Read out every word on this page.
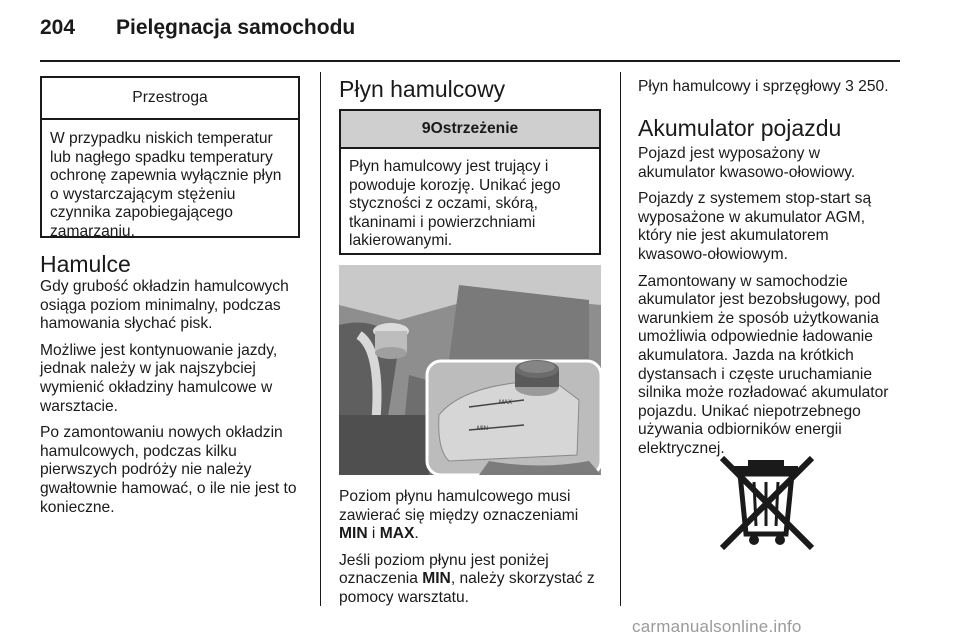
204 Pielęgnacja samochodu
Przestroga
W przypadku niskich temperatur
lub nagłego spadku temperatury
ochronę zapewnia wyłącznie płyn
o wystarczającym stężeniu
czynnika zapobiegającego
zamarzaniu.
Hamulce

Gdy grubość okładzin hamulcowych
osiąga poziom minimalny, podczas
hamowania słychać pisk.

Możliwe jest kontynuowanie jazdy,
jednak należy w jak najszybciej
wymienić okładziny hamulcowe w
warsztacie.

Po zamontowaniu nowych okładzin
hamulcowych, podczas kilku
pierwszych podróży nie należy
gwałtownie hamować, o ile nie jest to
konieczne.

Płyn hamulcowy
9Ostrzeżenie
Płyn hamulcowy jest trujący i
powoduje korozję. Unikać jego
styczności z oczami, skórą,
tkaninami i powierzchniami
lakierowanymi.
MAX
MIN

Poziom płynu hamulcowego musi
zawierać się między oznaczeniami
MIN i MAX.

Jeśli poziom płynu jest poniżej
oznaczenia MIN, należy skorzystać z
pomocy warsztatu.

Płyn hamulcowy i sprzęgłowy 3 250.
Akumulator pojazdu

Pojazd jest wyposażony w
akumulator kwasowo-ołowiowy.

Pojazdy z systemem stop-start są
wyposażone w akumulator AGM,
który nie jest akumulatorem
kwasowo-ołowiowym.

Zamontowany w samochodzie
akumulator jest bezobsługowy, pod
warunkiem że sposób użytkowania
umożliwia odpowiednie ładowanie
akumulatora. Jazda na krótkich
dystansach i częste uruchamianie
silnika może rozładować akumulator
pojazdu. Unikać niepotrzebnego
używania odbiorników energii
elektrycznej.

carmanualsonline.info
